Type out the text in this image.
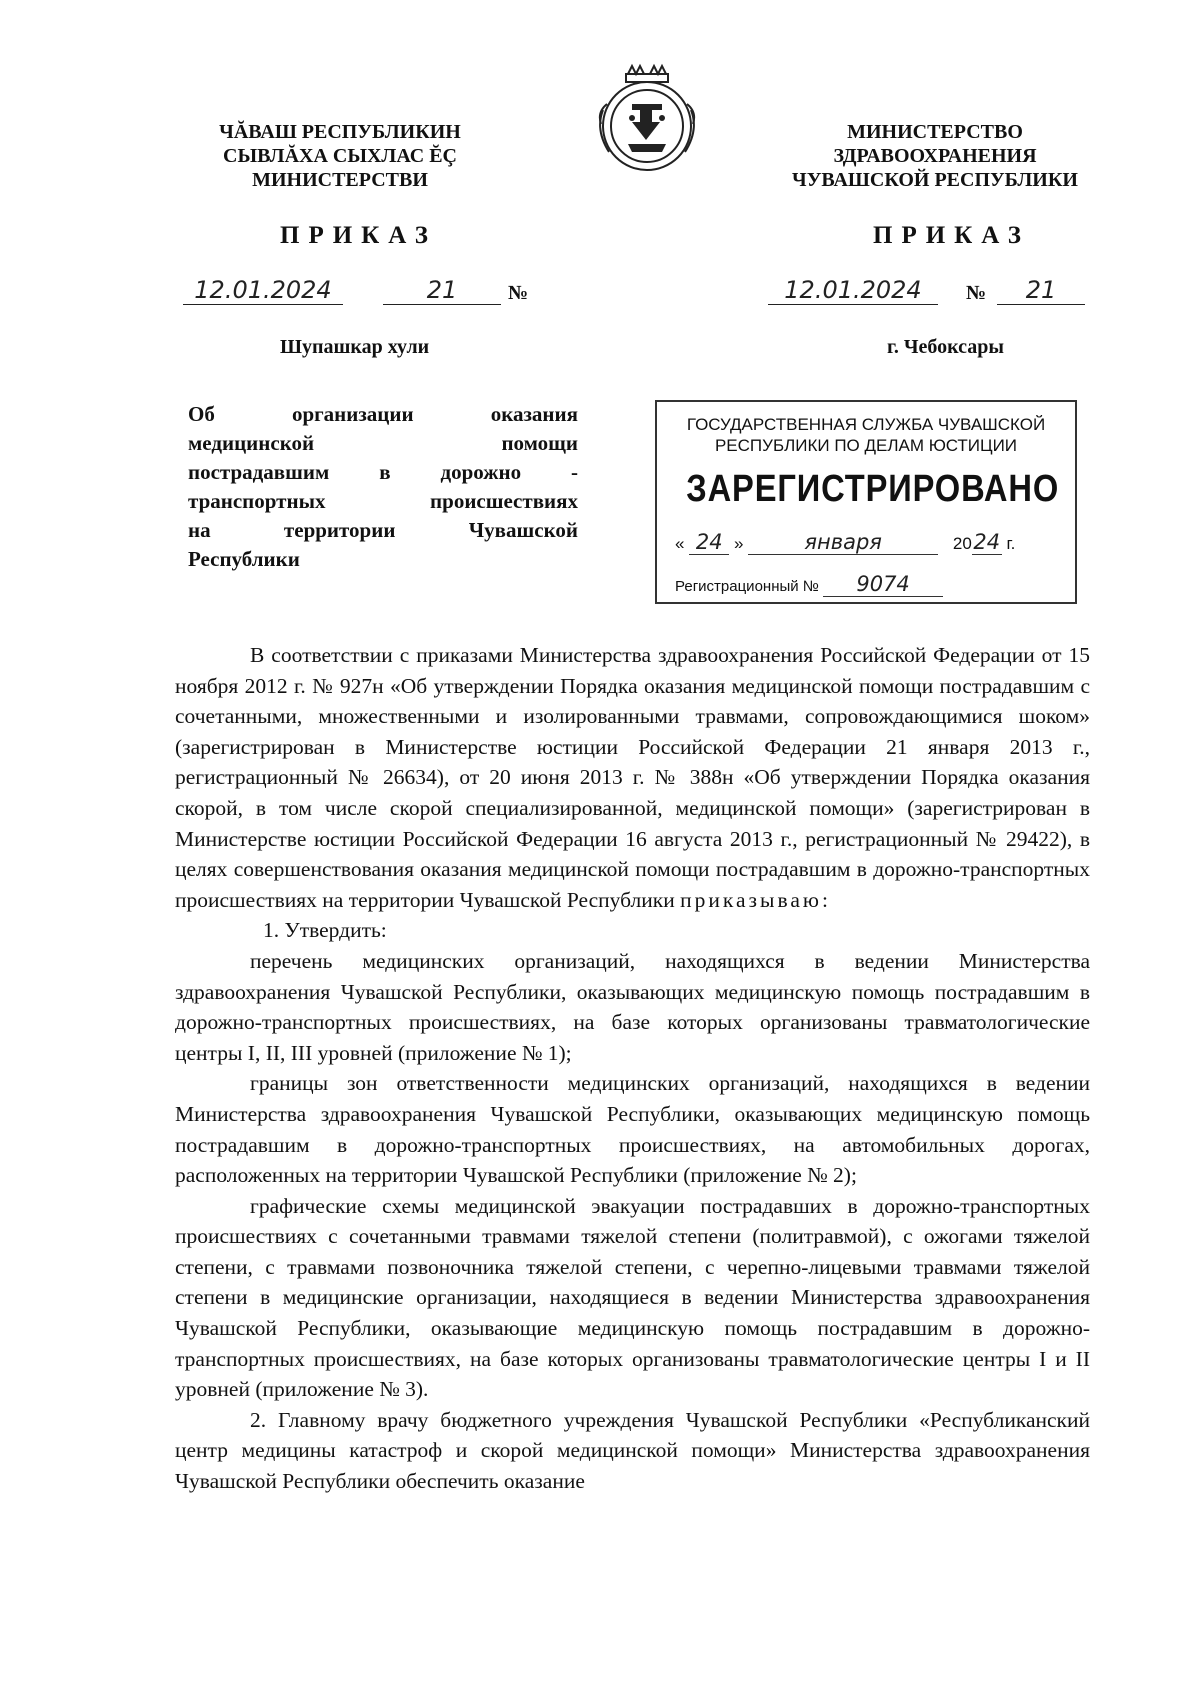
ЧĂВАШ РЕСПУБЛИКИН
СЫВЛĂХА СЫХЛАС ĔÇ
МИНИСТЕРСТВИ
МИНИСТЕРСТВО
ЗДРАВООХРАНЕНИЯ
ЧУВАШСКОЙ РЕСПУБЛИКИ
ПРИКАЗ	ПРИКАЗ
12.01.2024	21	№	12.01.2024	№	21
Шупашкар хули	г. Чебоксары
Об организации оказания
медицинской помощи
пострадавшим в дорожно -
транспортных происшествиях
на территории Чувашской
Республики
ГОСУДАРСТВЕННАЯ СЛУЖБА ЧУВАШСКОЙ
РЕСПУБЛИКИ ПО ДЕЛАМ ЮСТИЦИИ
ЗАРЕГИСТРИРОВАНО
« 24 »	января	2024 г.
Регистрационный № 9074

В соответствии с приказами Министерства здравоохранения Российской Федерации от 15 ноября 2012 г. № 927н «Об утверждении Порядка оказания медицинской помощи пострадавшим с сочетанными, множественными и изолированными травмами, сопровождающимися шоком» (зарегистрирован в Министерстве юстиции Российской Федерации 21 января 2013 г., регистрационный № 26634), от 20 июня 2013 г. № 388н «Об утверждении Порядка оказания скорой, в том числе скорой специализированной, медицинской помощи» (зарегистрирован в Министерстве юстиции Российской Федерации 16 августа 2013 г., регистрационный № 29422), в целях совершенствования оказания медицинской помощи пострадавшим в дорожно-транспортных происшествиях на территории Чувашской Республики приказываю:

1. Утвердить:

перечень медицинских организаций, находящихся в ведении Министерства здравоохранения Чувашской Республики, оказывающих медицинскую помощь пострадавшим в дорожно-транспортных происшествиях, на базе которых организованы травматологические центры I, II, III уровней (приложение № 1);

границы зон ответственности медицинских организаций, находящихся в ведении Министерства здравоохранения Чувашской Республики, оказывающих медицинскую помощь пострадавшим в дорожно-транспортных происшествиях, на автомобильных дорогах, расположенных на территории Чувашской Республики (приложение № 2);

графические схемы медицинской эвакуации пострадавших в дорожно-транспортных происшествиях с сочетанными травмами тяжелой степени (политравмой), с ожогами тяжелой степени, с травмами позвоночника тяжелой степени, с черепно-лицевыми травмами тяжелой степени в медицинские организации, находящиеся в ведении Министерства здравоохранения Чувашской Республики, оказывающие медицинскую помощь пострадавшим в дорожно-транспортных происшествиях, на базе которых организованы травматологические центры I и II уровней (приложение № 3).

2. Главному врачу бюджетного учреждения Чувашской Республики «Республиканский центр медицины катастроф и скорой медицинской помощи» Министерства здравоохранения Чувашской Республики обеспечить оказание
